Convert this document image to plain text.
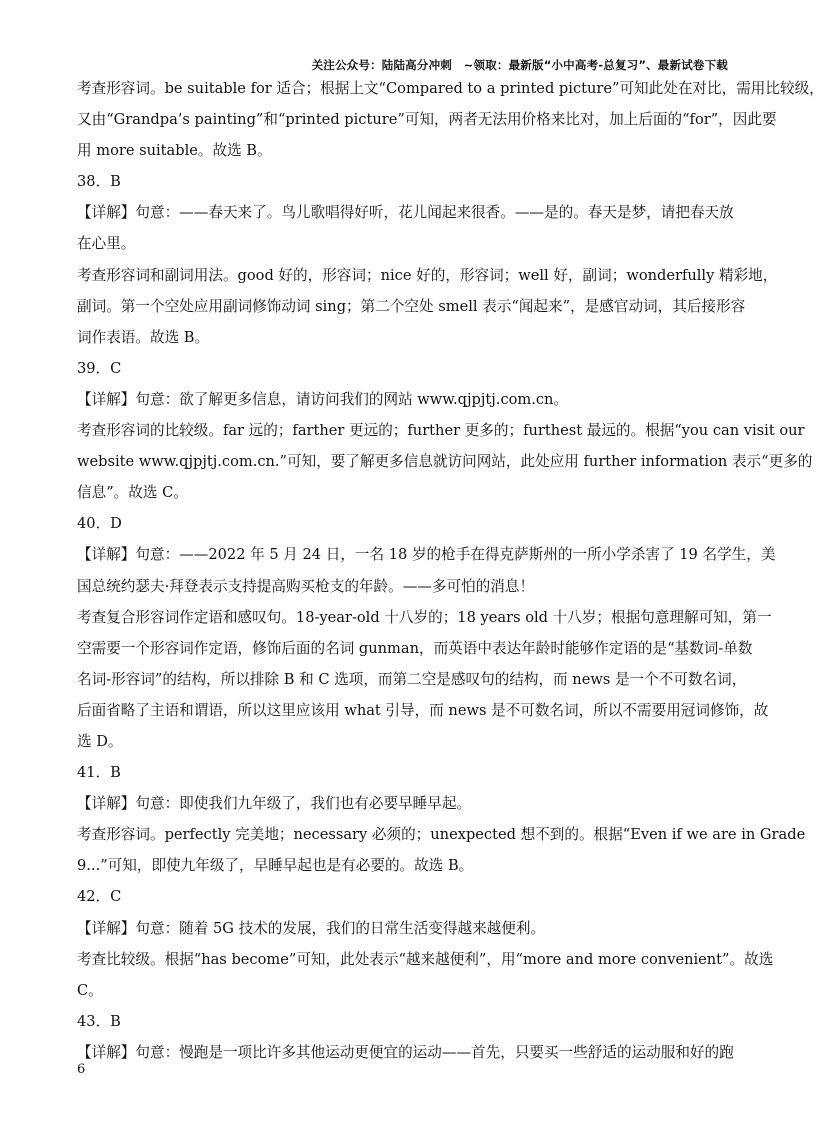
关注公众号：陆陆高分冲刺　~领取：最新版“小中高考-总复习”、最新试卷下载
考查形容词。be suitable for 适合；根据上文“Compared to a printed picture”可知此处在对比，需用比较级，
又由“Grandpa’s painting”和“printed picture”可知，两者无法用价格来比对，加上后面的“for”，因此要
用 more suitable。故选 B。
38．B
【详解】句意：——春天来了。鸟儿歌唱得好听，花儿闻起来很香。——是的。春天是梦，请把春天放
在心里。
考查形容词和副词用法。good 好的，形容词；nice 好的，形容词；well 好，副词；wonderfully 精彩地，
副词。第一个空处应用副词修饰动词 sing；第二个空处 smell 表示“闻起来”，是感官动词，其后接形容
词作表语。故选 B。
39．C
【详解】句意：欲了解更多信息，请访问我们的网站 www.qjpjtj.com.cn。
考查形容词的比较级。far 远的；farther 更远的；further 更多的；furthest 最远的。根据“you can visit our
website www.qjpjtj.com.cn.”可知，要了解更多信息就访问网站，此处应用 further information 表示“更多的
信息”。故选 C。
40．D
【详解】句意：——2022 年 5 月 24 日，一名 18 岁的枪手在得克萨斯州的一所小学杀害了 19 名学生，美
国总统约瑟夫·拜登表示支持提高购买枪支的年龄。——多可怕的消息！
考查复合形容词作定语和感叹句。18-year-old 十八岁的；18 years old 十八岁；根据句意理解可知，第一
空需要一个形容词作定语，修饰后面的名词 gunman，而英语中表达年龄时能够作定语的是“基数词-单数
名词-形容词”的结构，所以排除 B 和 C 选项，而第二空是感叹句的结构，而 news 是一个不可数名词，
后面省略了主语和谓语，所以这里应该用 what 引导，而 news 是不可数名词，所以不需要用冠词修饰，故
选 D。
41．B
【详解】句意：即使我们九年级了，我们也有必要早睡早起。
考查形容词。perfectly 完美地；necessary 必须的；unexpected 想不到的。根据“Even if we are in Grade
9...”可知，即使九年级了，早睡早起也是有必要的。故选 B。
42．C
【详解】句意：随着 5G 技术的发展，我们的日常生活变得越来越便利。
考查比较级。根据“has become”可知，此处表示“越来越便利”，用“more and more convenient”。故选
C。
43．B
【详解】句意：慢跑是一项比许多其他运动更便宜的运动——首先，只要买一些舒适的运动服和好的跑
6
